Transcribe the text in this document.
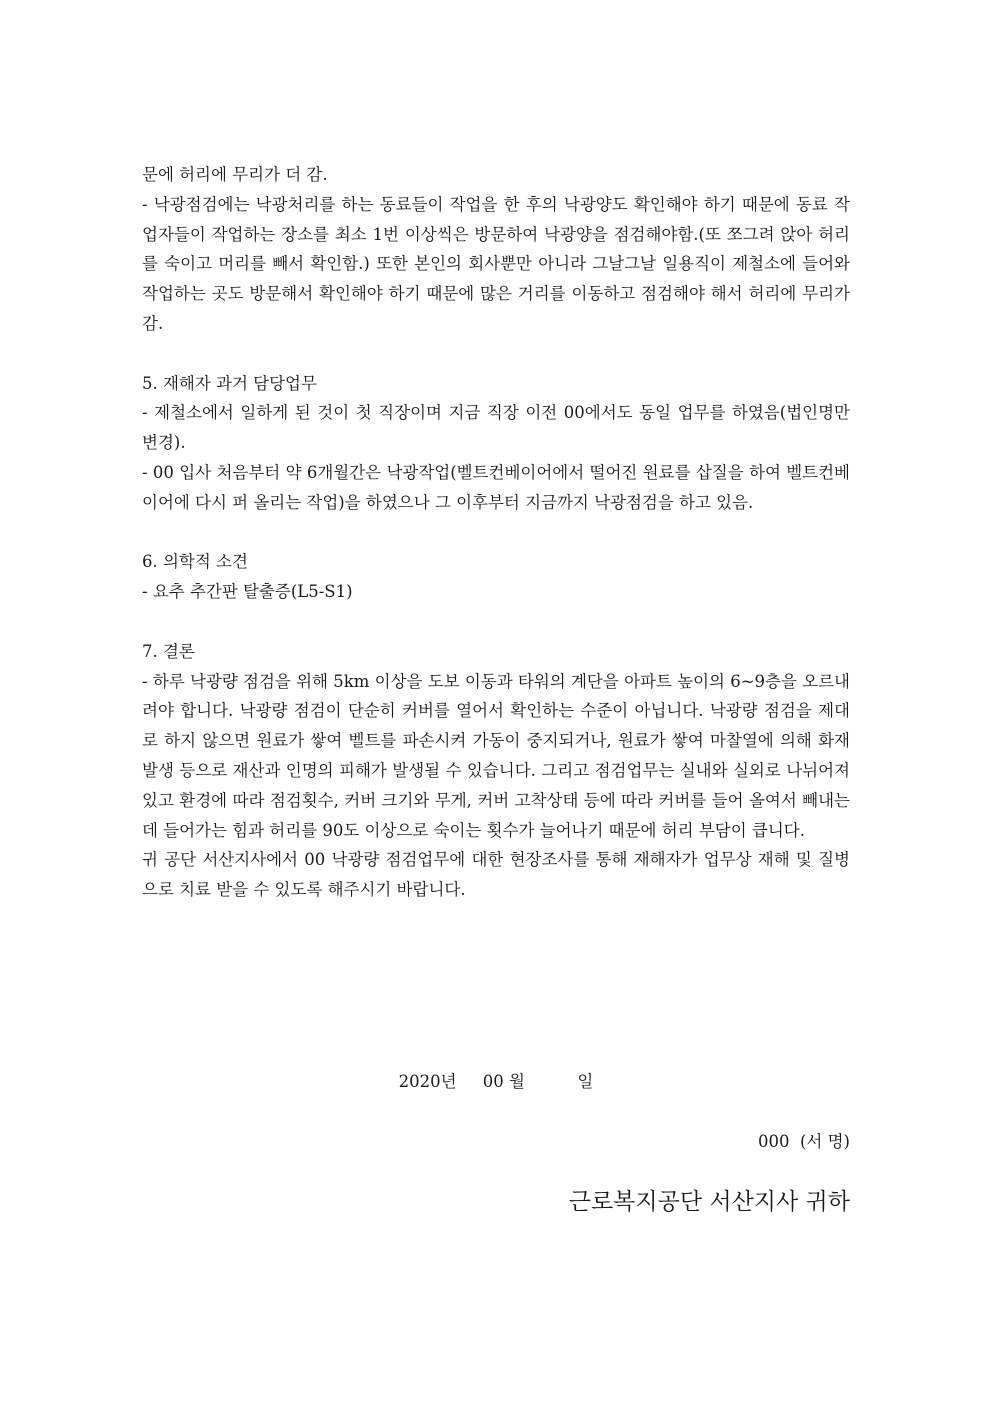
문에 허리에 무리가 더 감.

- 낙광점검에는 낙광처리를 하는 동료들이 작업을 한 후의 낙광양도 확인해야 하기 때문에 동료 작업자들이 작업하는 장소를 최소 1번 이상씩은 방문하여 낙광양을 점검해야함.(또 쪼그려 앉아 허리를 숙이고 머리를 빼서 확인함.) 또한 본인의 회사뿐만 아니라 그날그날 일용직이 제철소에 들어와 작업하는 곳도 방문해서 확인해야 하기 때문에 많은 거리를 이동하고 점검해야 해서 허리에 무리가 감.

5. 재해자 과거 담당업무

- 제철소에서 일하게 된 것이 첫 직장이며 지금 직장 이전 00에서도 동일 업무를 하였음(법인명만 변경).

- 00 입사 처음부터 약 6개월간은 낙광작업(벨트컨베이어에서 떨어진 원료를 삽질을 하여 벨트컨베이어에 다시 퍼 올리는 작업)을 하였으나 그 이후부터 지금까지 낙광점검을 하고 있음.

6. 의학적 소견

- 요추 추간판 탈출증(L5-S1)

7. 결론

- 하루 낙광량 점검을 위해 5km 이상을 도보 이동과 타워의 계단을 아파트 높이의 6~9층을 오르내려야 합니다. 낙광량 점검이 단순히 커버를 열어서 확인하는 수준이 아닙니다. 낙광량 점검을 제대로 하지 않으면 원료가 쌓여 벨트를 파손시켜 가동이 중지되거나, 원료가 쌓여 마찰열에 의해 화재발생 등으로 재산과 인명의 피해가 발생될 수 있습니다. 그리고 점검업무는 실내와 실외로 나뉘어져 있고 환경에 따라 점검횟수, 커버 크기와 무게, 커버 고착상태 등에 따라 커버를 들어 올여서 빼내는데 들어가는 힘과 허리를 90도 이상으로 숙이는 횟수가 늘어나기 때문에 허리 부담이 큽니다.

귀 공단 서산지사에서 00 낙광량 점검업무에 대한 현장조사를 통해 재해자가 업무상 재해 및 질병으로 치료 받을 수 있도록 해주시기 바랍니다.

2020년 00 월	일
000 (서 명)
근로복지공단 서산지사 귀하
